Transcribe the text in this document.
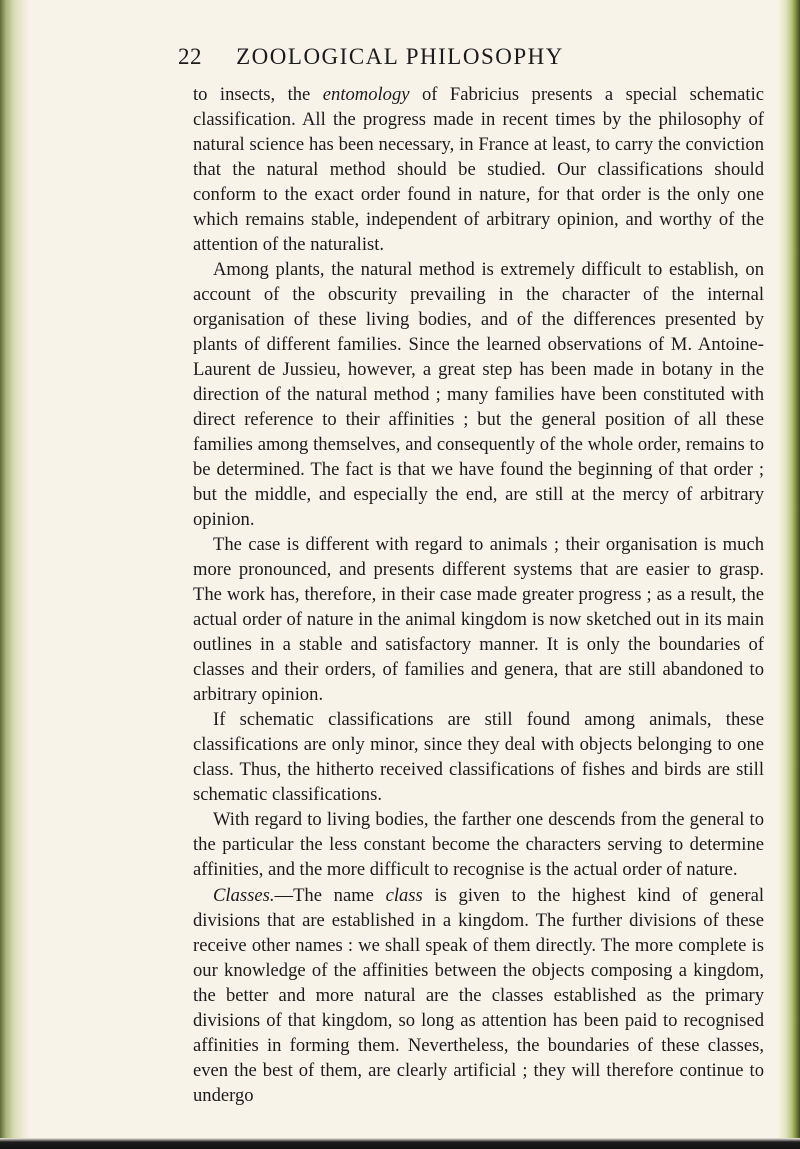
22	ZOOLOGICAL PHILOSOPHY

to insects, the entomology of Fabricius presents a special schematic classification. All the progress made in recent times by the philosophy of natural science has been necessary, in France at least, to carry the conviction that the natural method should be studied. Our classifications should conform to the exact order found in nature, for that order is the only one which remains stable, independent of arbitrary opinion, and worthy of the attention of the naturalist.

Among plants, the natural method is extremely difficult to establish, on account of the obscurity prevailing in the character of the internal organisation of these living bodies, and of the differences presented by plants of different families. Since the learned observations of M. Antoine-Laurent de Jussieu, however, a great step has been made in botany in the direction of the natural method ; many families have been constituted with direct reference to their affinities ; but the general position of all these families among themselves, and consequently of the whole order, remains to be determined. The fact is that we have found the beginning of that order ; but the middle, and especially the end, are still at the mercy of arbitrary opinion.

The case is different with regard to animals ; their organisation is much more pronounced, and presents different systems that are easier to grasp. The work has, therefore, in their case made greater progress ; as a result, the actual order of nature in the animal kingdom is now sketched out in its main outlines in a stable and satisfactory manner. It is only the boundaries of classes and their orders, of families and genera, that are still abandoned to arbitrary opinion.

If schematic classifications are still found among animals, these classifications are only minor, since they deal with objects belonging to one class. Thus, the hitherto received classifications of fishes and birds are still schematic classifications.

With regard to living bodies, the farther one descends from the general to the particular the less constant become the characters serving to determine affinities, and the more difficult to recognise is the actual order of nature.

Classes.—The name class is given to the highest kind of general divisions that are established in a kingdom. The further divisions of these receive other names : we shall speak of them directly. The more complete is our knowledge of the affinities between the objects composing a kingdom, the better and more natural are the classes established as the primary divisions of that kingdom, so long as attention has been paid to recognised affinities in forming them. Nevertheless, the boundaries of these classes, even the best of them, are clearly artificial ; they will therefore continue to undergo
